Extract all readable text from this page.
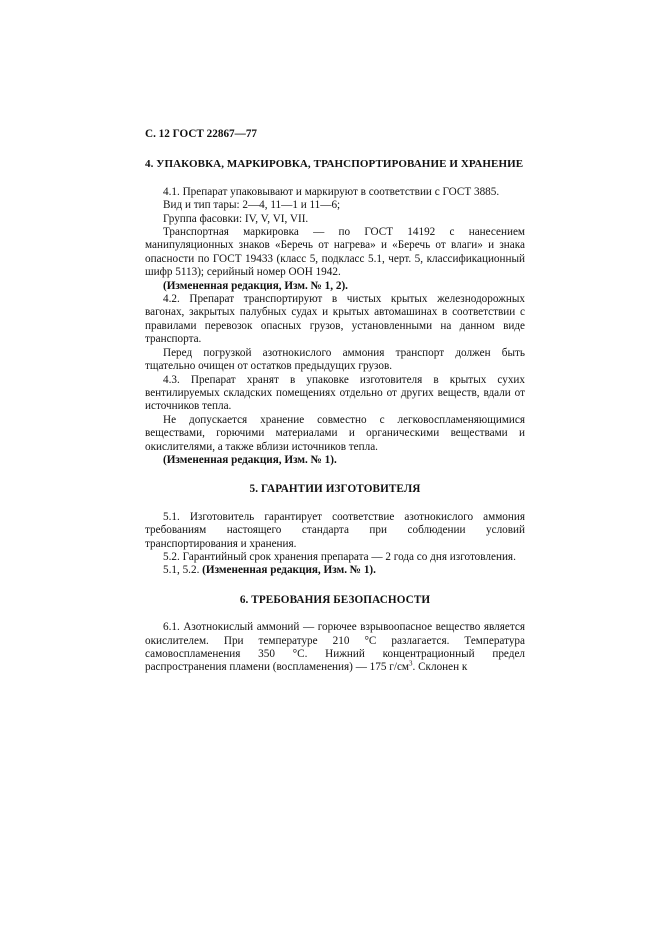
С. 12 ГОСТ 22867—77
4. УПАКОВКА, МАРКИРОВКА, ТРАНСПОРТИРОВАНИЕ И ХРАНЕНИЕ

4.1. Препарат упаковывают и маркируют в соответствии с ГОСТ 3885.

Вид и тип тары: 2—4, 11—1 и 11—6;

Группа фасовки: IV, V, VI, VII.

Транспортная маркировка — по ГОСТ 14192 с нанесением манипуляционных знаков «Беречь от нагрева» и «Беречь от влаги» и знака опасности по ГОСТ 19433 (класс 5, подкласс 5.1, черт. 5, классификационный шифр 5113); серийный номер ООН 1942.

(Измененная редакция, Изм. № 1, 2).

4.2. Препарат транспортируют в чистых крытых железнодорожных вагонах, закрытых палубных судах и крытых автомашинах в соответствии с правилами перевозок опасных грузов, установленными на данном виде транспорта.

Перед погрузкой азотнокислого аммония транспорт должен быть тщательно очищен от остатков предыдущих грузов.

4.3. Препарат хранят в упаковке изготовителя в крытых сухих вентилируемых складских помещениях отдельно от других веществ, вдали от источников тепла.

Не допускается хранение совместно с легковоспламеняющимися веществами, горючими материалами и органическими веществами и окислителями, а также вблизи источников тепла.

(Измененная редакция, Изм. № 1).

5. ГАРАНТИИ ИЗГОТОВИТЕЛЯ

5.1. Изготовитель гарантирует соответствие азотнокислого аммония требованиям настоящего стандарта при соблюдении условий транспортирования и хранения.

5.2. Гарантийный срок хранения препарата — 2 года со дня изготовления.

5.1, 5.2. (Измененная редакция, Изм. № 1).

6. ТРЕБОВАНИЯ БЕЗОПАСНОСТИ

6.1. Азотнокислый аммоний — горючее взрывоопасное вещество является окислителем. При температуре 210 °С разлагается. Температура самовоспламенения 350 °С. Нижний концентрационный предел распространения пламени (воспламенения) — 175 $г/см^3$. Склонен к
